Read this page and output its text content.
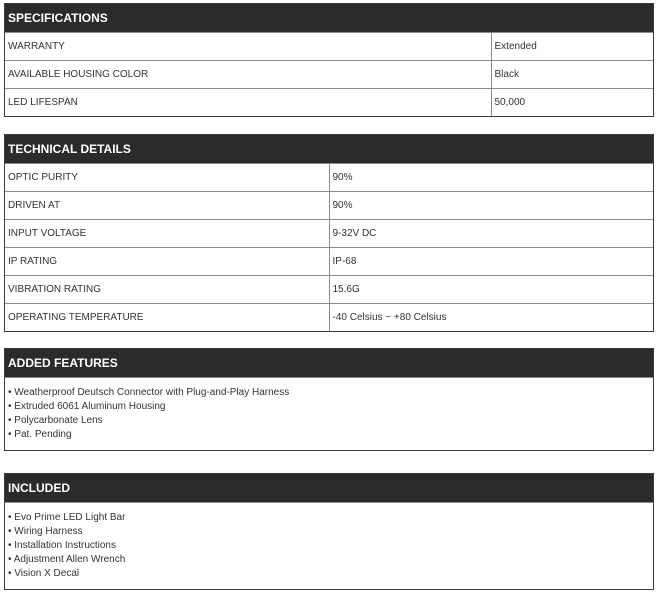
SPECIFICATIONS
WARRANTY	Extended
AVAILABLE HOUSING COLOR	Black
LED LIFESPAN	50,000
TECHNICAL DETAILS
OPTIC PURITY	90%
DRIVEN AT	90%
INPUT VOLTAGE	9-32V DC
IP RATING	IP-68
VIBRATION RATING	15.6G
OPERATING TEMPERATURE	-40 Celsius ~ +80 Celsius
ADDED FEATURES
• Weatherproof Deutsch Connector with Plug-and-Play Harness
• Extruded 6061 Aluminum Housing
• Polycarbonate Lens
• Pat. Pending
INCLUDED
• Evo Prime LED Light Bar
• Wiring Harness
• Installation Instructions
• Adjustment Allen Wrench
• Vision X Decal
